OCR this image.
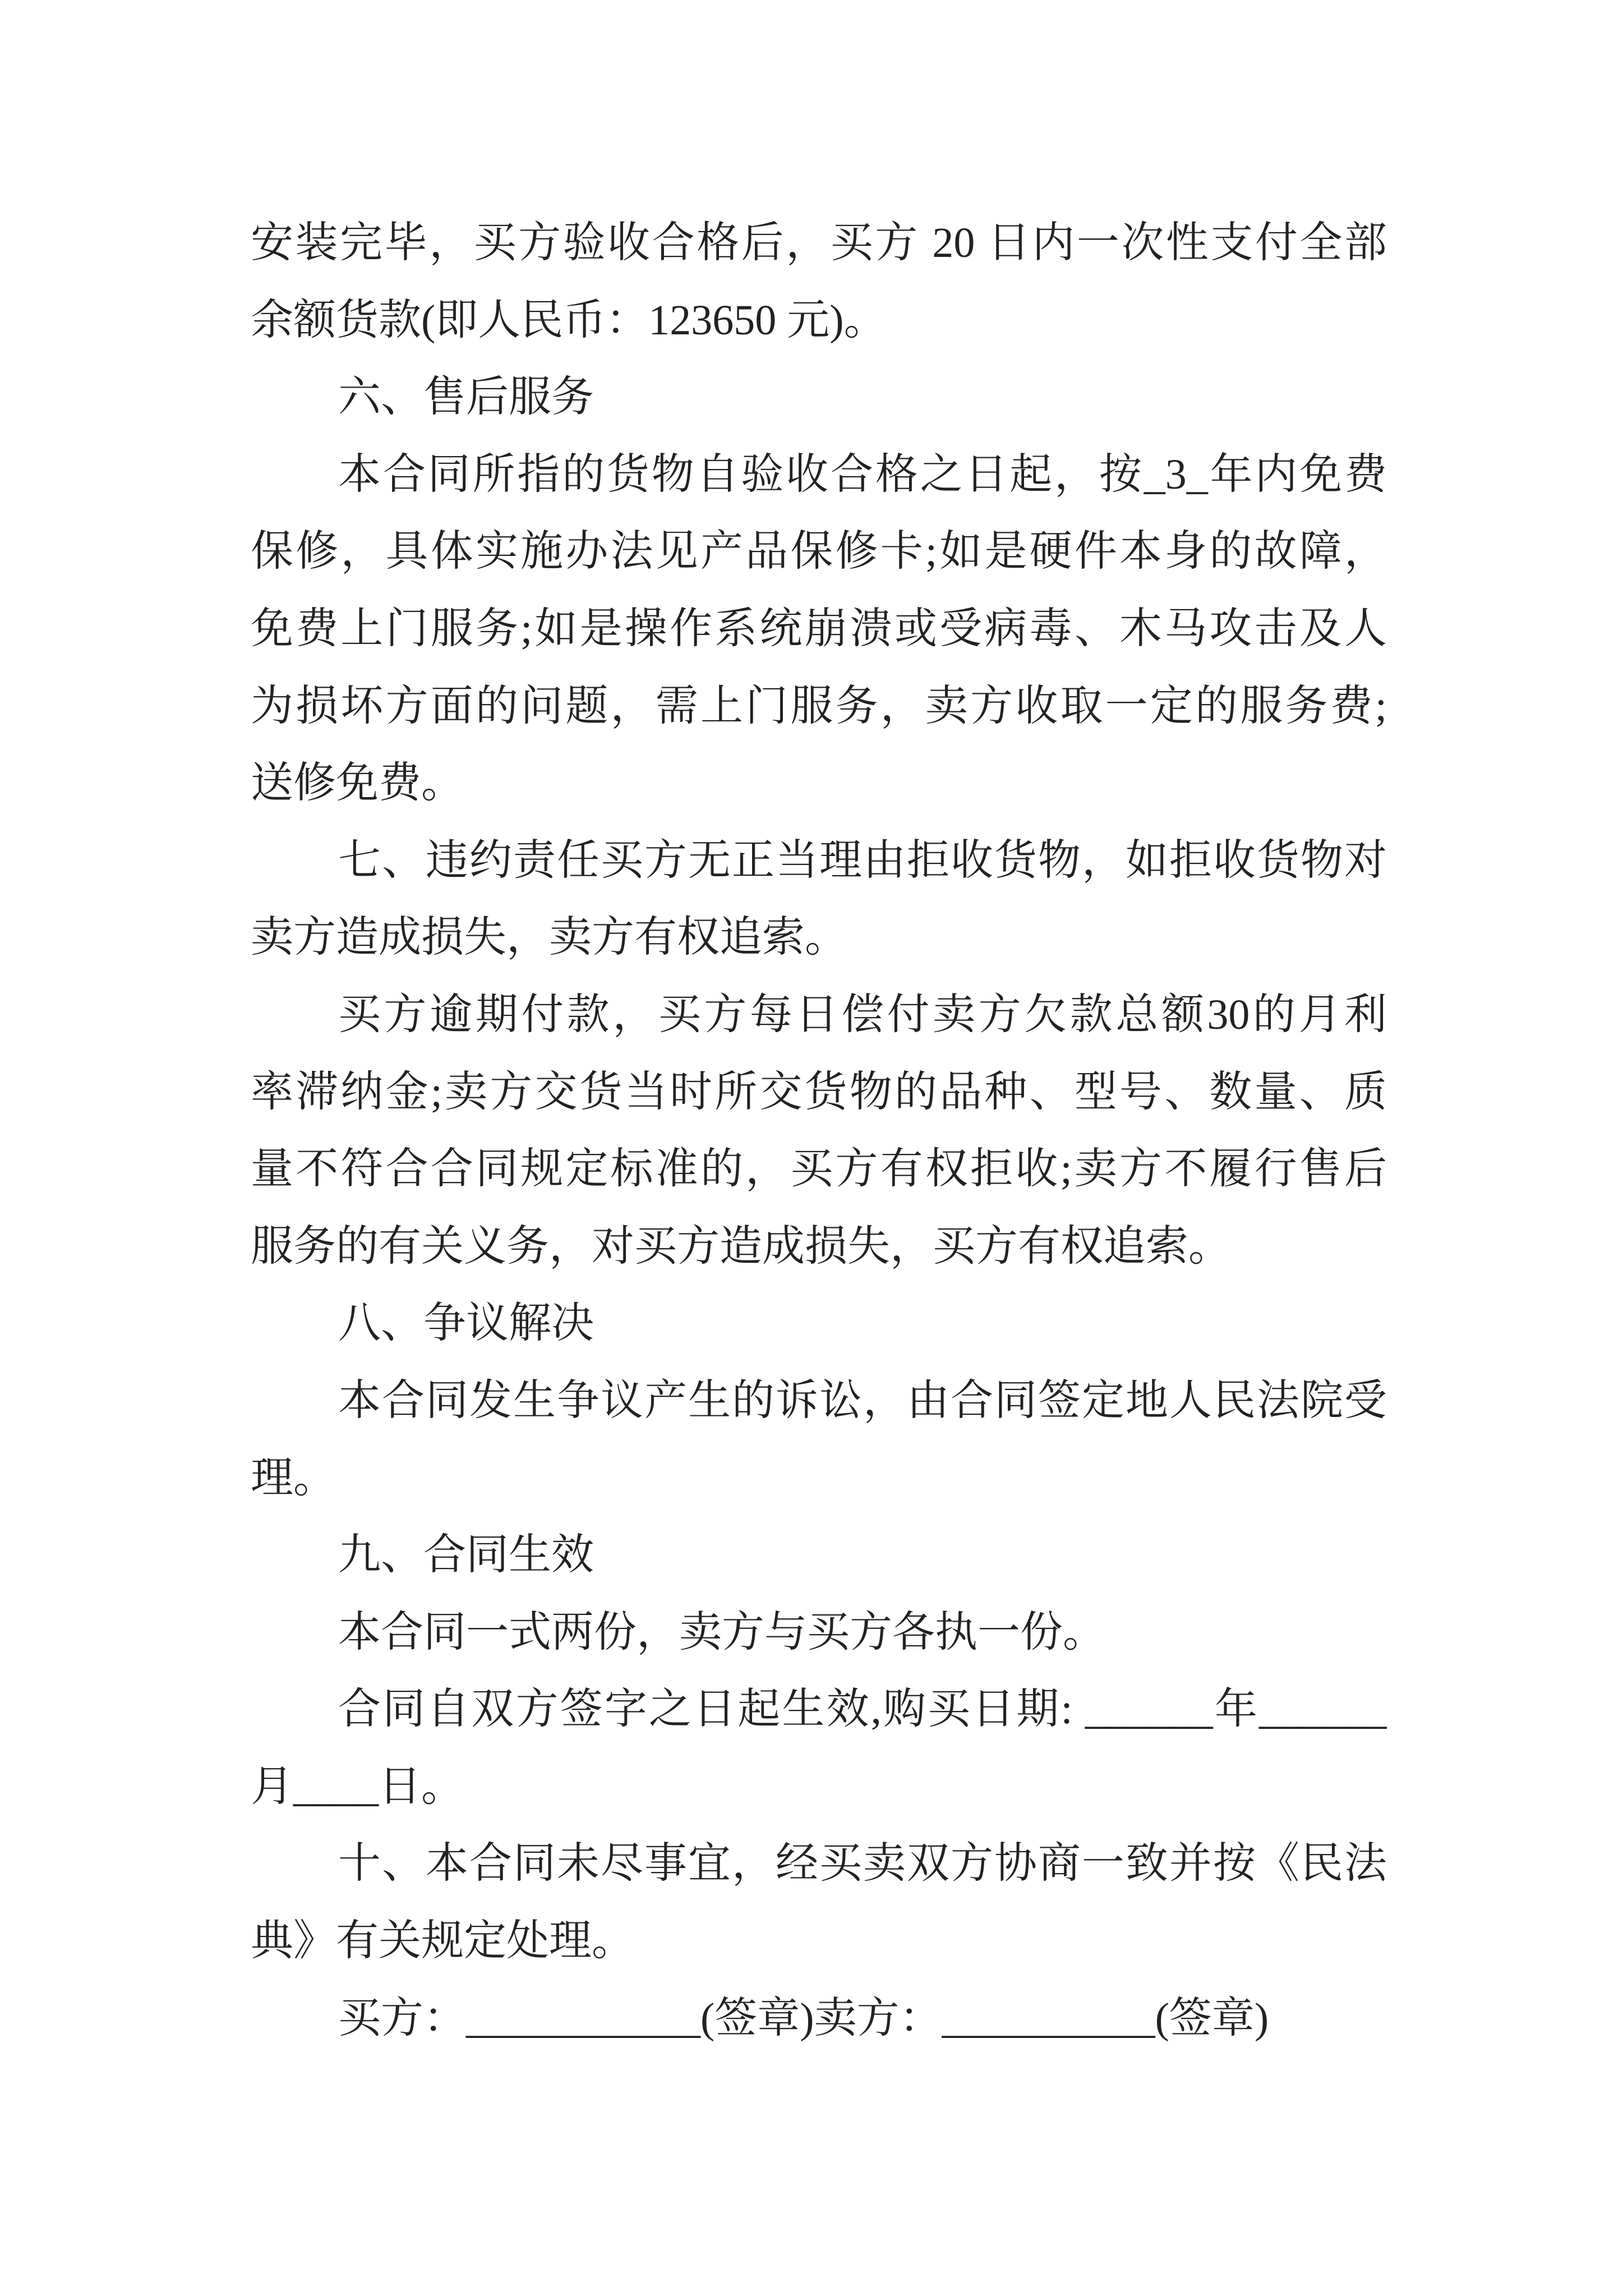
安装完毕，买方验收合格后，买方 20 日内一次性支付全部
余额货款(即人民币：123650 元)。
六、售后服务
本合同所指的货物自验收合格之日起，按_3_年内免费
保修，具体实施办法见产品保修卡;如是硬件本身的故障，
免费上门服务;如是操作系统崩溃或受病毒、木马攻击及人
为损坏方面的问题，需上门服务，卖方收取一定的服务费;
送修免费。
七、违约责任买方无正当理由拒收货物，如拒收货物对
卖方造成损失，卖方有权追索。
买方逾期付款，买方每日偿付卖方欠款总额30的月利
率滞纳金;卖方交货当时所交货物的品种、型号、数量、质
量不符合合同规定标准的，买方有权拒收;卖方不履行售后
服务的有关义务，对买方造成损失，买方有权追索。
八、争议解决
本合同发生争议产生的诉讼，由合同签定地人民法院受
理。
九、合同生效
本合同一式两份，卖方与买方各执一份。
合同自双方签字之日起生效,购买日期: ______年______
月____日。
十、本合同未尽事宜，经买卖双方协商一致并按《民法
典》有关规定处理。
买方：___________(签章)卖方：__________(签章)
